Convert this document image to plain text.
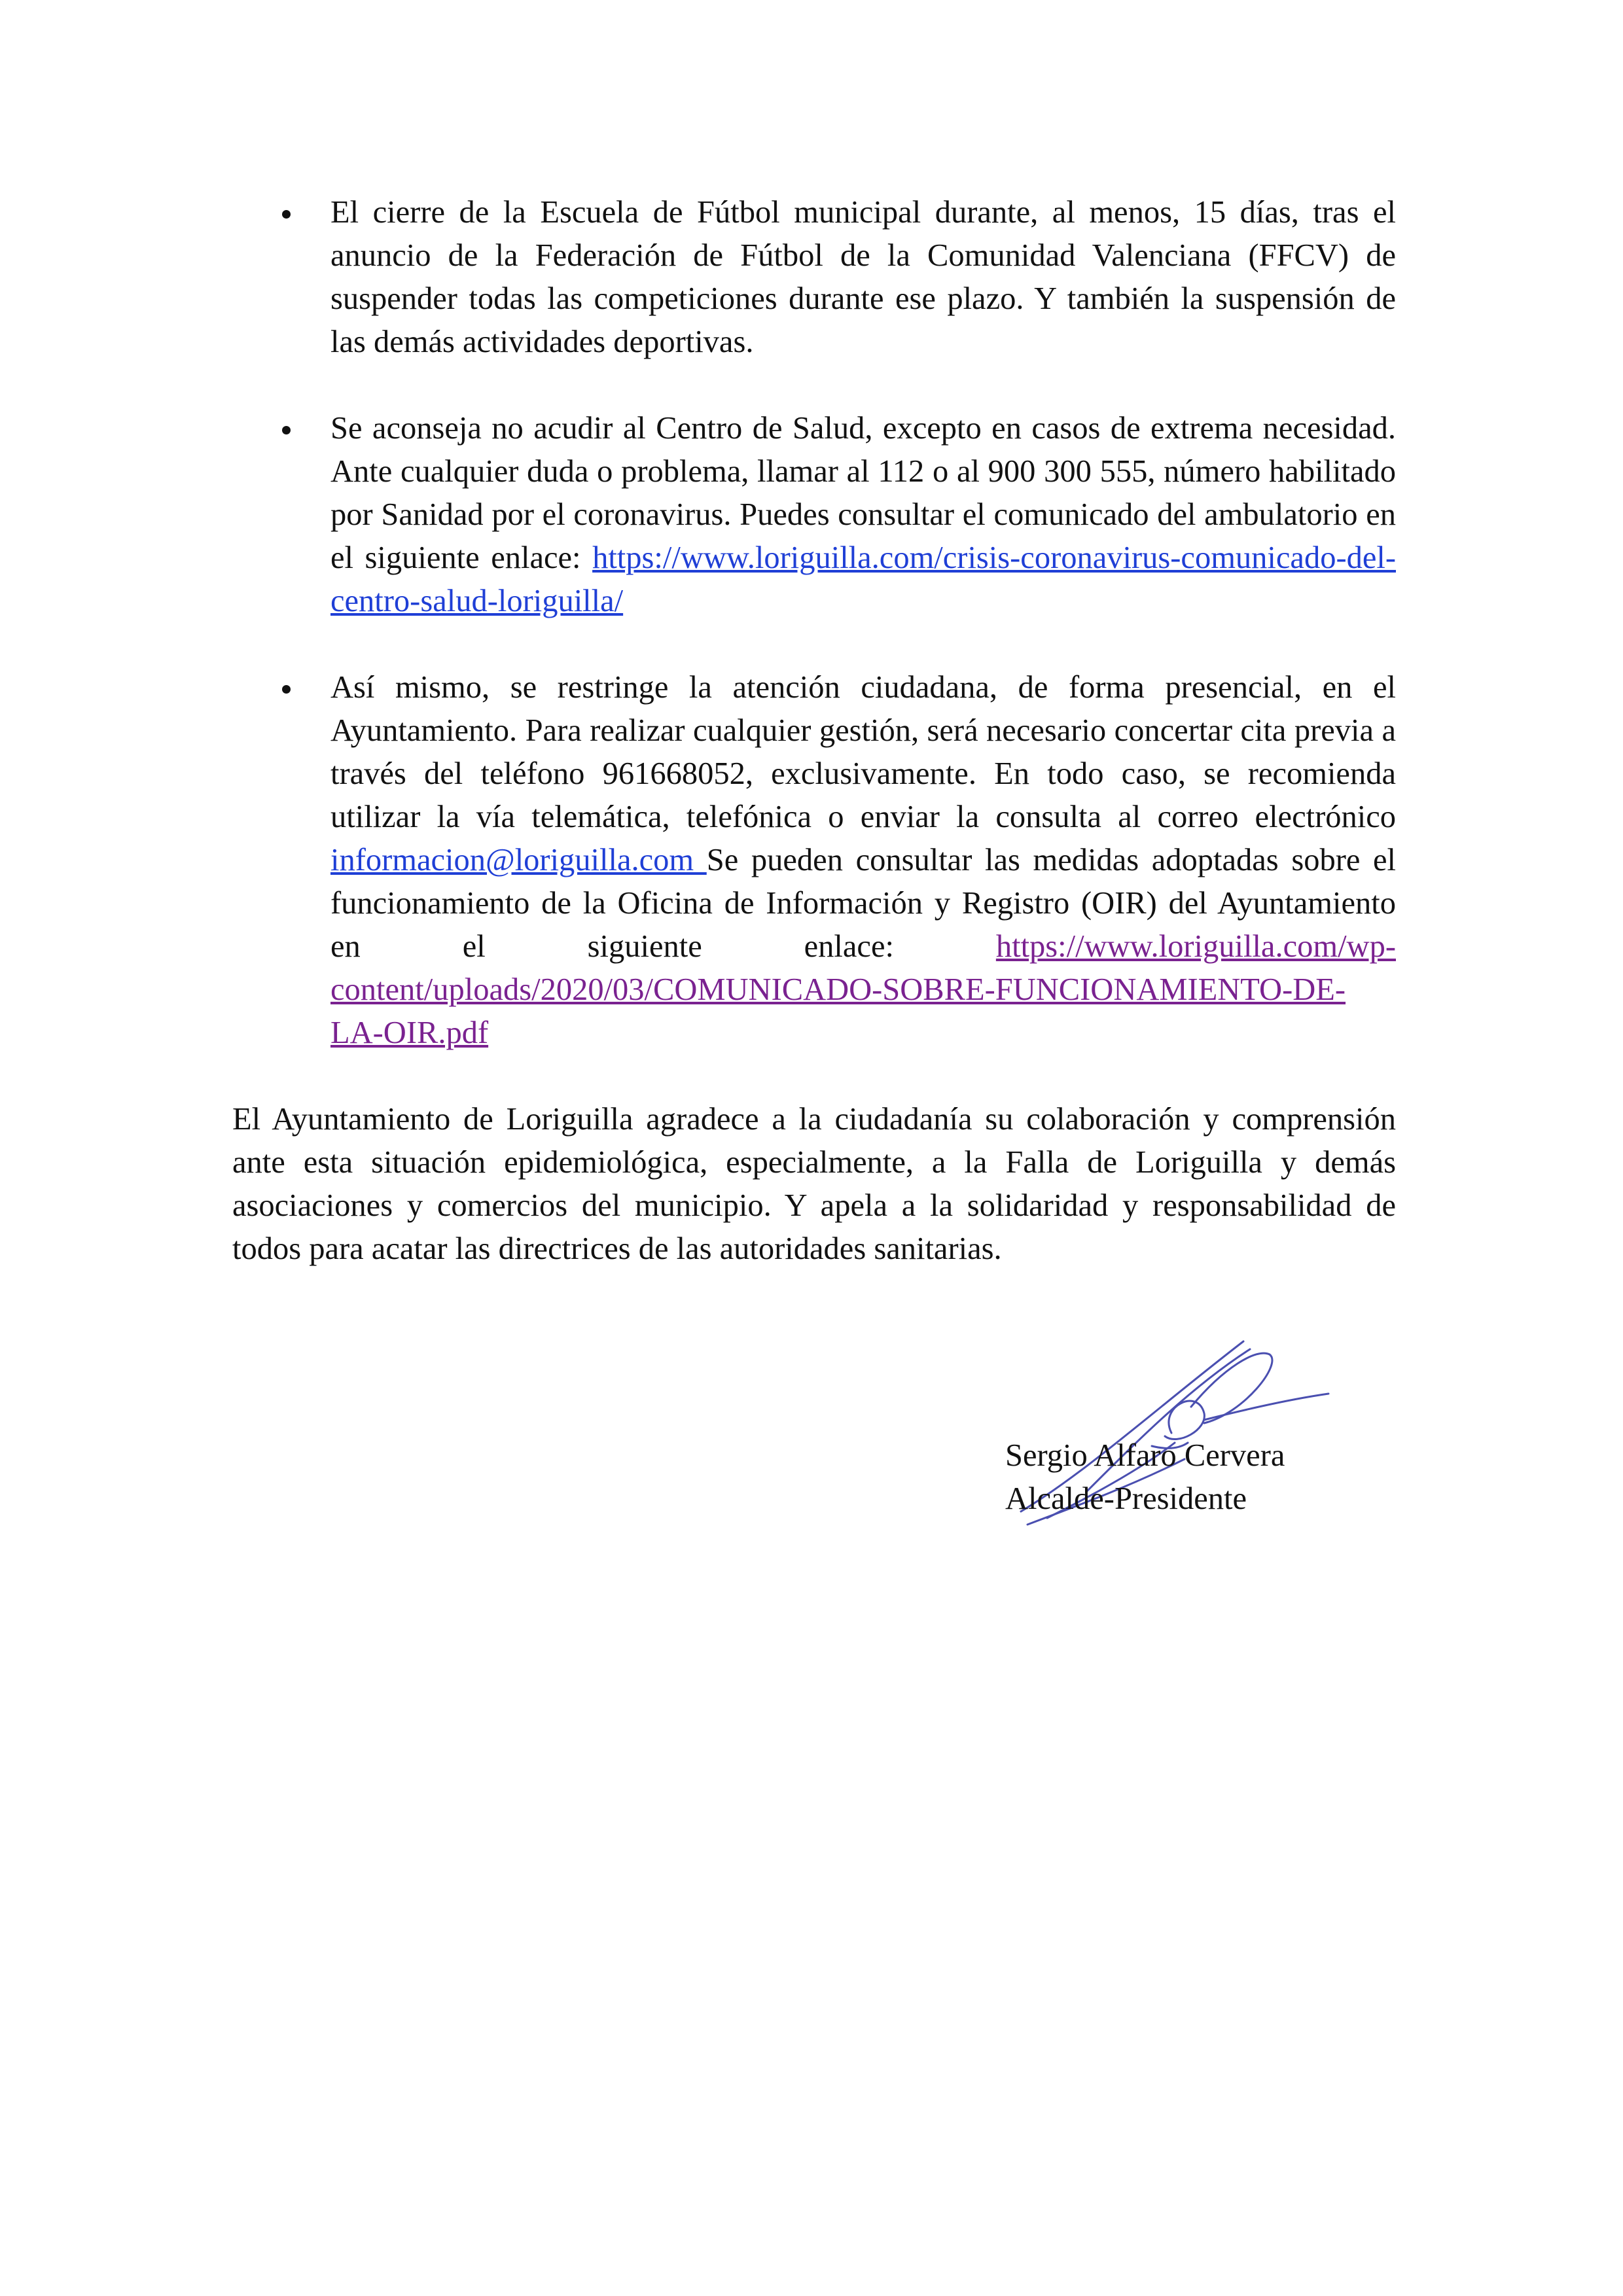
El cierre de la Escuela de Fútbol municipal durante, al menos, 15 días, tras el anuncio de la Federación de Fútbol de la Comunidad Valenciana (FFCV) de suspender todas las competiciones durante ese plazo. Y también la suspensión de las demás actividades deportivas.
Se aconseja no acudir al Centro de Salud, excepto en casos de extrema necesidad. Ante cualquier duda o problema, llamar al 112 o al 900 300 555, número habilitado por Sanidad por el coronavirus. Puedes consultar el comunicado del ambulatorio en el siguiente enlace: https://www.loriguilla.com/crisis-coronavirus-comunicado-del-centro-salud-loriguilla/
Así mismo, se restringe la atención ciudadana, de forma presencial, en el Ayuntamiento. Para realizar cualquier gestión, será necesario concertar cita previa a través del teléfono 961668052, exclusivamente. En todo caso, se recomienda utilizar la vía telemática, telefónica o enviar la consulta al correo electrónico informacion@loriguilla.com Se pueden consultar las medidas adoptadas sobre el funcionamiento de la Oficina de Información y Registro (OIR) del Ayuntamiento en el siguiente enlace: https://www.loriguilla.com/wp-content/uploads/2020/03/COMUNICADO-SOBRE-FUNCIONAMIENTO-DE-LA-OIR.pdf

El Ayuntamiento de Loriguilla agradece a la ciudadanía su colaboración y comprensión ante esta situación epidemiológica, especialmente, a la Falla de Loriguilla y demás asociaciones y comercios del municipio. Y apela a la solidaridad y responsabilidad de todos para acatar las directrices de las autoridades sanitarias.

Sergio Alfaro Cervera
Alcalde-Presidente
